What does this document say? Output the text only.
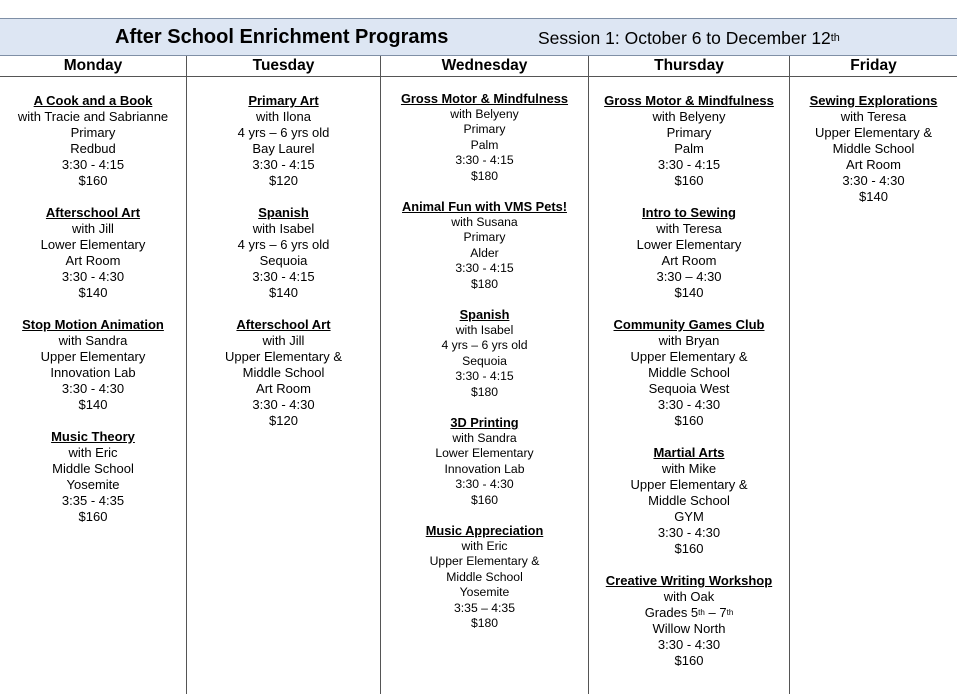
After School Enrichment Programs	Session 1: October 6 to December 12th
Monday
A Cook and a Book
with Tracie and Sabrianne
Primary
Redbud
3:30 - 4:15
$160
Afterschool Art
with Jill
Lower Elementary
Art Room
3:30 - 4:30
$140
Stop Motion Animation
with Sandra
Upper Elementary
Innovation Lab
3:30 - 4:30
$140
Music Theory
with Eric
Middle School
Yosemite
3:35 - 4:35
$160
Tuesday
Primary Art
with Ilona
4 yrs – 6 yrs old
Bay Laurel
3:30 - 4:15
$120
Spanish
with Isabel
4 yrs – 6 yrs old
Sequoia
3:30 - 4:15
$140
Afterschool Art
with Jill
Upper Elementary &
Middle School
Art Room
3:30 - 4:30
$120
Wednesday
Gross Motor & Mindfulness
with Belyeny
Primary
Palm
3:30 - 4:15
$180
Animal Fun with VMS Pets!
with Susana
Primary
Alder
3:30 - 4:15
$180
Spanish
with Isabel
4 yrs – 6 yrs old
Sequoia
3:30 - 4:15
$180
3D Printing
with Sandra
Lower Elementary
Innovation Lab
3:30 - 4:30
$160
Music Appreciation
with Eric
Upper Elementary &
Middle School
Yosemite
3:35 – 4:35
$180
Thursday
Gross Motor & Mindfulness
with Belyeny
Primary
Palm
3:30 - 4:15
$160
Intro to Sewing
with Teresa
Lower Elementary
Art Room
3:30 – 4:30
$140
Community Games Club
with Bryan
Upper Elementary &
Middle School
Sequoia West
3:30 - 4:30
$160
Martial Arts
with Mike
Upper Elementary &
Middle School
GYM
3:30 - 4:30
$160
Creative Writing Workshop
with Oak
Grades 5th – 7th
Willow North
3:30 - 4:30
$160
Friday
Sewing Explorations
with Teresa
Upper Elementary &
Middle School
Art Room
3:30 - 4:30
$140
